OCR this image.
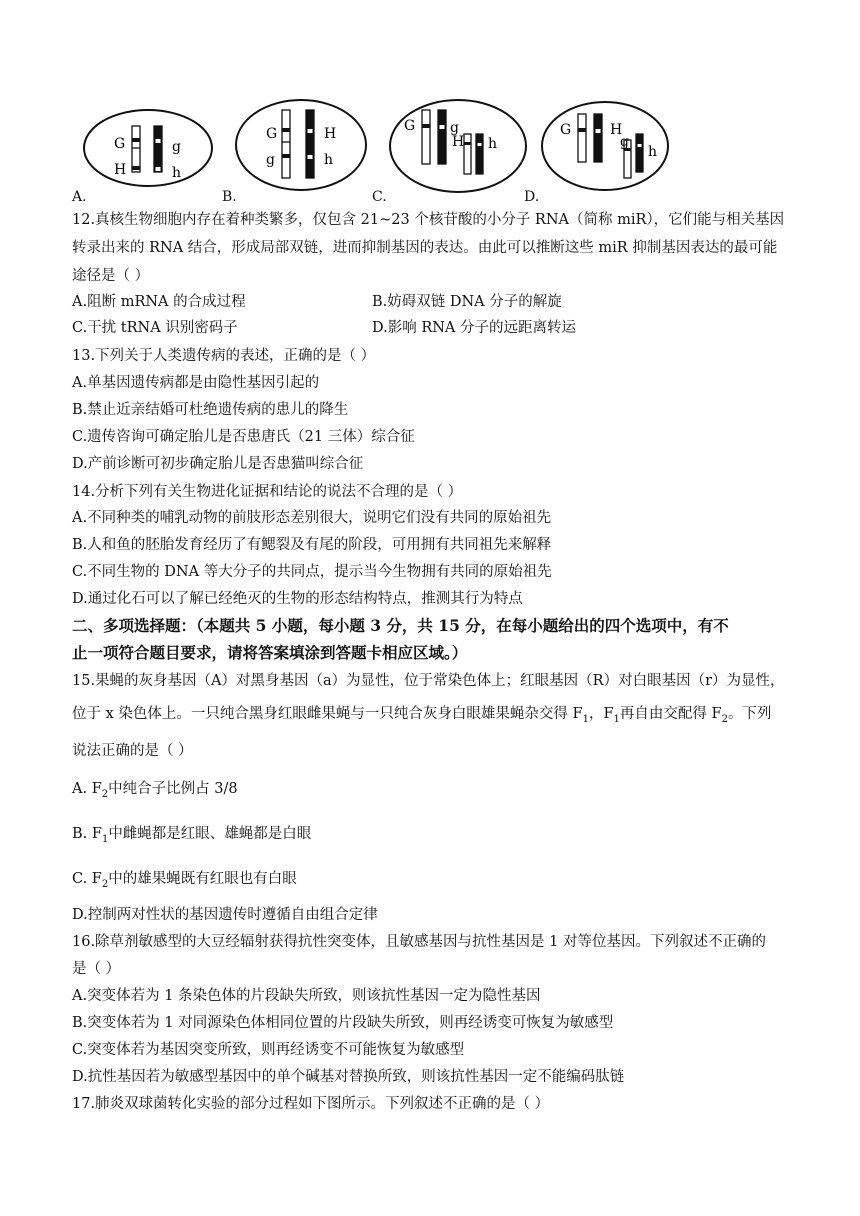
G	g
H	h
G	H
g	h
G g
H h
G	H
g
h
A.	B.	C.	D.
12.真核生物细胞内存在着种类繁多，仅包含 21~23 个核苷酸的小分子 RNA（简称 miR），它们能与相关基因
转录出来的 RNA 结合，形成局部双链，进而抑制基因的表达。由此可以推断这些 miR 抑制基因表达的最可能
途径是（ ）
A.阻断 mRNA 的合成过程	B.妨碍双链 DNA 分子的解旋
C.干扰 tRNA 识别密码子	D.影响 RNA 分子的远距离转运
13.下列关于人类遗传病的表述，正确的是（ ）
A.单基因遗传病都是由隐性基因引起的
B.禁止近亲结婚可杜绝遗传病的患儿的降生
C.遗传咨询可确定胎儿是否患唐氏（21 三体）综合征
D.产前诊断可初步确定胎儿是否患猫叫综合征
14.分析下列有关生物进化证据和结论的说法不合理的是（ ）
A.不同种类的哺乳动物的前肢形态差别很大，说明它们没有共同的原始祖先
B.人和鱼的胚胎发育经历了有鳃裂及有尾的阶段，可用拥有共同祖先来解释
C.不同生物的 DNA 等大分子的共同点，提示当今生物拥有共同的原始祖先
D.通过化石可以了解已经绝灭的生物的形态结构特点，推测其行为特点
二、多项选择题：（本题共 5 小题，每小题 3 分，共 15 分，在每小题给出的四个选项中，有不
止一项符合题目要求，请将答案填涂到答题卡相应区域。）
15.果蝇的灰身基因（A）对黑身基因（a）为显性，位于常染色体上；红眼基因（R）对白眼基因（r）为显性，
位于 x 染色体上。一只纯合黑身红眼雌果蝇与一只纯合灰身白眼雄果蝇杂交得 $F_1$，$F_1$再自由交配得 $F_2$。下列
说法正确的是（ ）
A. $F_2$中纯合子比例占 3/8
B. $F_1$中雌蝇都是红眼、雄蝇都是白眼
C. $F_2$中的雄果蝇既有红眼也有白眼
D.控制两对性状的基因遗传时遵循自由组合定律
16.除草剂敏感型的大豆经辐射获得抗性突变体，且敏感基因与抗性基因是 1 对等位基因。下列叙述不正确的
是（ ）
A.突变体若为 1 条染色体的片段缺失所致，则该抗性基因一定为隐性基因
B.突变体若为 1 对同源染色体相同位置的片段缺失所致，则再经诱变可恢复为敏感型
C.突变体若为基因突变所致，则再经诱变不可能恢复为敏感型
D.抗性基因若为敏感型基因中的单个碱基对替换所致，则该抗性基因一定不能编码肽链
17.肺炎双球菌转化实验的部分过程如下图所示。下列叙述不正确的是（ ）
